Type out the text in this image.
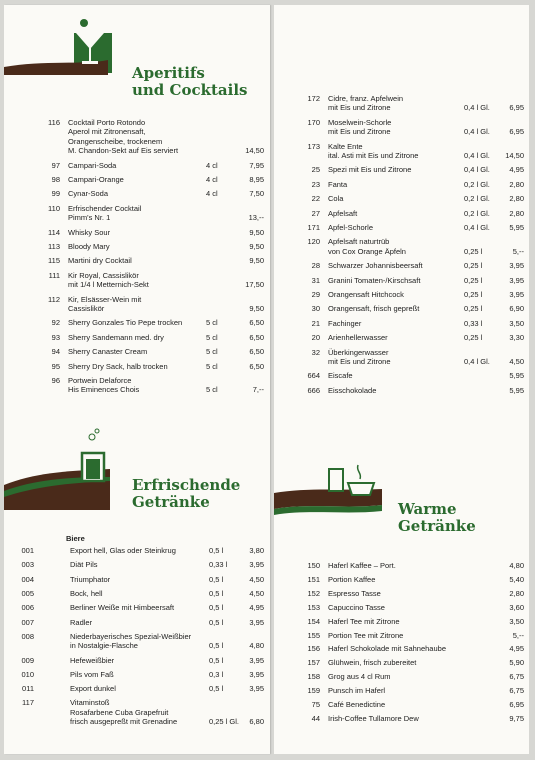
Aperitifs
und Cocktails
116 Cocktail Porto Rotondo
Aperol mit Zitronensaft,
Orangenscheibe, trockenem
M. Chandon-Sekt auf Eis serviert	14,50
97 Campari-Soda	4 cl	7,95
98 Campari-Orange	4 cl	8,95
99 Cynar-Soda	4 cl	7,50
110 Erfrischender Cocktail
Pimm's Nr. 1	13,--
114 Whisky Sour	9,50
113 Bloody Mary	9,50
115 Martini dry Cocktail	9,50
111 Kir Royal, Cassislikör
mit 1/4 l Metternich-Sekt	17,50
112 Kir, Elsässer-Wein mit
Cassislikör	9,50
92 Sherry Gonzales Tio Pepe trocken	5 cl	6,50
93 Sherry Sandemann med. dry	5 cl	6,50
94 Sherry Canaster Cream	5 cl	6,50
95 Sherry Dry Sack, halb trocken	5 cl	6,50
96 Portwein Delaforce
His Eminences Chois	5 cl	7,--
Erfrischende
Getränke
Biere
001	Export hell, Glas oder Steinkrug	0,5 l	3,80
003	Diät Pils	0,33 l	3,95
004	Triumphator	0,5 l	4,50
005	Bock, hell	0,5 l	4,50
006	Berliner Weiße mit Himbeersaft	0,5 l	4,95
007	Radler	0,5 l	3,95
008	Niederbayerisches Spezial-Weißbier
in Nostalgie-Flasche	0,5 l	4,80
009	Hefeweißbier	0,5 l	3,95
010	Pils vom Faß	0,3 l	3,95
011	Export dunkel	0,5 l	3,95
117	Vitaminstoß
Rosafarbene Cuba Grapefruit
frisch ausgepreßt mit Grenadine	0,25 l Gl. 6,80
172 Cidre, franz. Apfelwein
mit Eis und Zitrone	0,4 l Gl.	6,95
170 Moselwein-Schorle
mit Eis und Zitrone	0,4 l Gl.	6,95
173 Kalte Ente
ital. Asti mit Eis und Zitrone	0,4 l Gl. 14,50
25 Spezi mit Eis und Zitrone	0,4 l Gl.	4,95
23 Fanta	0,2 l Gl.	2,80
22 Cola	0,2 l Gl.	2,80
27 Apfelsaft	0,2 l Gl.	2,80
171 Apfel-Schorle	0,4 l Gl.	5,95
120 Apfelsaft naturtrüb
von Cox Orange Äpfeln	0,25 l	5,--
28 Schwarzer Johannisbeersaft	0,25 l	3,95
31 Granini Tomaten-/Kirschsaft	0,25 l	3,95
29 Orangensaft Hitchcock	0,25 l	3,95
30 Orangensaft, frisch gepreßt	0,25 l	6,90
21 Fachinger	0,33 l	3,50
20 Arienhellerwasser	0,25 l	3,30
32 Überkingerwasser
mit Eis und Zitrone	0,4 l Gl.	4,50
664 Eiscafe	5,95
666 Eisschokolade	5,95
Warme
Getränke
150 Haferl Kaffee – Port.	4,80
151 Portion Kaffee	5,40
152 Espresso Tasse	2,80
153 Capuccino Tasse	3,60
154 Haferl Tee mit Zitrone	3,50
155 Portion Tee mit Zitrone	5,--
156 Haferl Schokolade mit Sahnehaube	4,95
157 Glühwein, frisch zubereitet	5,90
158 Grog aus 4 cl Rum	6,75
159 Punsch im Haferl	6,75
75 Café Benedictine	6,95
44 Irish-Coffee Tullamore Dew	9,75
